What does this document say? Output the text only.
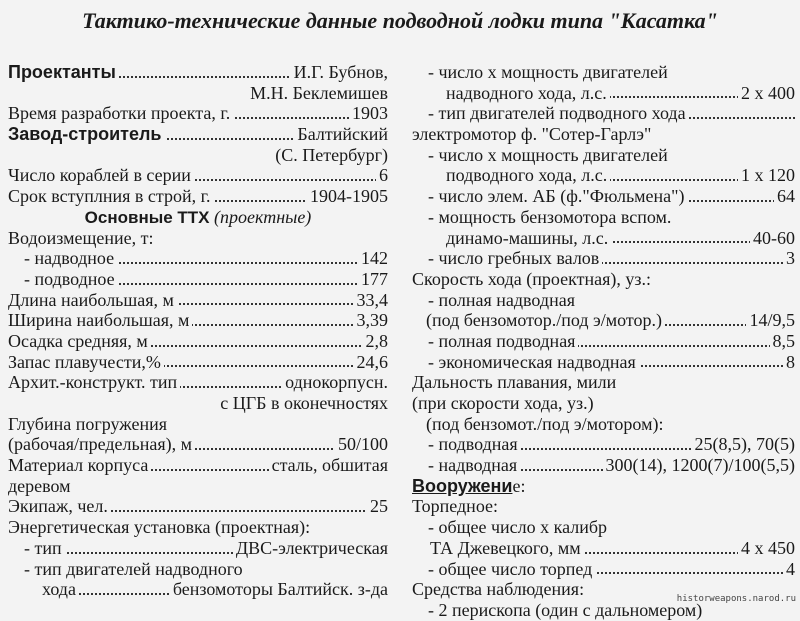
Тактико-технические данные подводной лодки типа "Касатка"
Проектанты	И.Г. Бубнов,
М.Н. Беклемишев
Время разработки проекта, г.	1903
Завод-строитель	Балтийский
(С. Петербург)
Число кораблей в серии	6
Срок вступлния в строй, г.	1904-1905
Основные ТТХ (проектные)
Водоизмещение, т:
- надводное	142
- подводное	177
Длина наибольшая, м	33,4
Ширина наибольшая, м	3,39
Осадка средняя, м	2,8
Запас плавучести,%	24,6
Архит.-конструкт. тип	однокорпусн.
с ЦГБ в оконечностях
Глубина погружения
(рабочая/предельная), м	50/100
Материал корпуса	сталь, обшитая
деревом
Экипаж, чел.	25
Энергетическая установка (проектная):
- тип	ДВС-электрическая
- тип двигателей надводного
хода	бензомоторы Балтийск. з-да
- число х мощность двигателей
надводного хода, л.с.	2 х 400
- тип двигателей подводного хода
электромотор ф. "Сотер-Гарлэ"
- число х мощность двигателей
подводного хода, л.с.	1 х 120
- число элем. АБ (ф."Фюльмена")	64
- мощность бензомотора вспом.
динамо-машины, л.с.	40-60
- число гребных валов	3
Скорость хода (проектная), уз.:
- полная надводная
(под бензомотор./под э/мотор.)	14/9,5
- полная подводная	8,5
- экономическая надводная	8
Дальность плавания, мили
(при скорости хода, уз.)
(под бензомот./под э/мотором):
- подводная	25(8,5), 70(5)
- надводная	300(14), 1200(7)/100(5,5)
Вооружение:
Торпедное:
- общее число х калибр
ТА Джевецкого, мм	4 х 450
- общее число торпед	4
Средства наблюдения:
- 2 перископа (один с дальномером)
historweapons.narod.ru
